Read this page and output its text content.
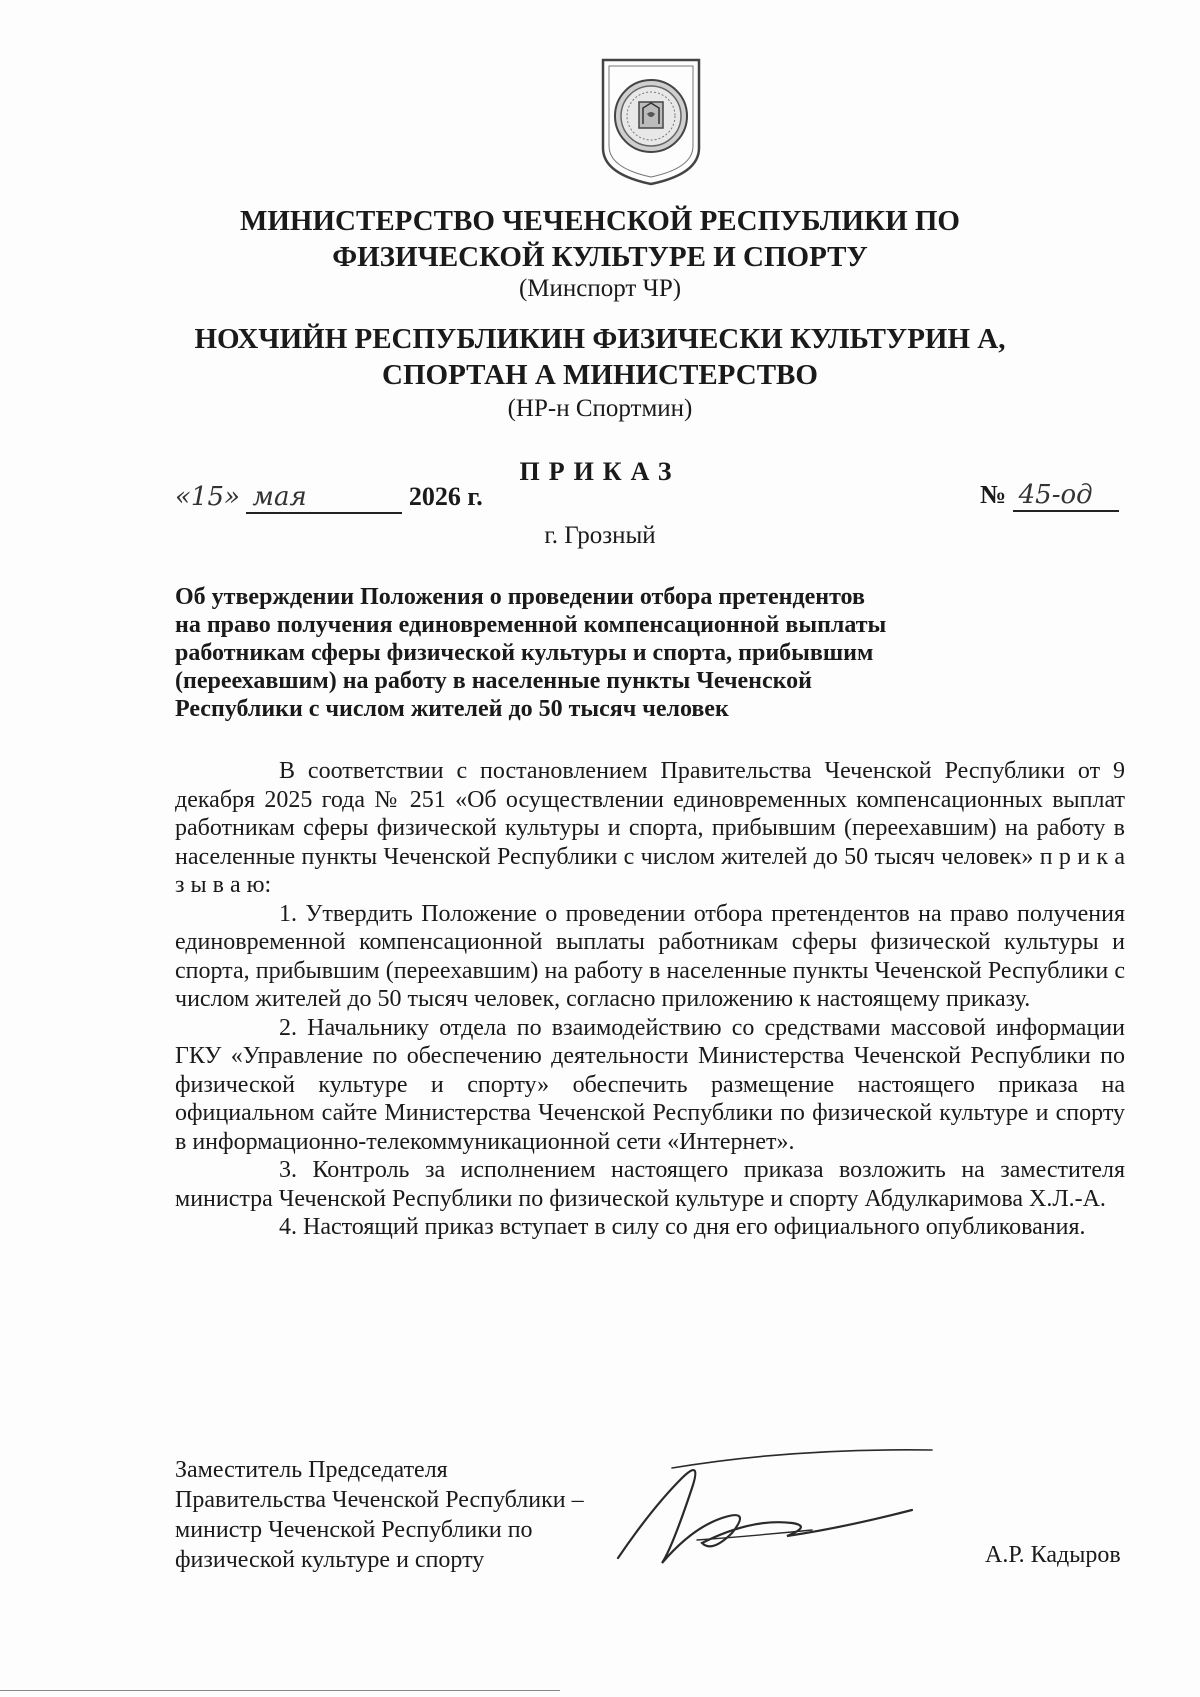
МИНИСТЕРСТВО ЧЕЧЕНСКОЙ РЕСПУБЛИКИ ПО
ФИЗИЧЕСКОЙ КУЛЬТУРЕ И СПОРТУ
(Минспорт ЧР)
НОХЧИЙН РЕСПУБЛИКИН ФИЗИЧЕСКИ КУЛЬТУРИН А,
СПОРТАН А МИНИСТЕРСТВО
(НР-н Спортмин)
ПРИКАЗ
«15» мая	2026 г.	№ 45-од
г. Грозный
Об утверждении Положения о проведении отбора претендентов
на право получения единовременной компенсационной выплаты
работникам сферы физической культуры и спорта, прибывшим
(переехавшим) на работу в населенные пункты Чеченской
Республики с числом жителей до 50 тысяч человек

В соответствии с постановлением Правительства Чеченской Республики от 9 декабря 2025 года № 251 «Об осуществлении единовременных компенсационных выплат работникам сферы физической культуры и спорта, прибывшим (переехавшим) на работу в населенные пункты Чеченской Республики с числом жителей до 50 тысяч человек» п р и к а з ы в а ю:

1. Утвердить Положение о проведении отбора претендентов на право получения единовременной компенсационной выплаты работникам сферы физической культуры и спорта, прибывшим (переехавшим) на работу в населенные пункты Чеченской Республики с числом жителей до 50 тысяч человек, согласно приложению к настоящему приказу.

2. Начальнику отдела по взаимодействию со средствами массовой информации ГКУ «Управление по обеспечению деятельности Министерства Чеченской Республики по физической культуре и спорту» обеспечить размещение настоящего приказа на официальном сайте Министерства Чеченской Республики по физической культуре и спорту в информационно-телекоммуникационной сети «Интернет».

3. Контроль за исполнением настоящего приказа возложить на заместителя министра Чеченской Республики по физической культуре и спорту Абдулкаримова Х.Л.-А.

4. Настоящий приказ вступает в силу со дня его официального опубликования.

Заместитель Председателя
Правительства Чеченской Республики –
министр Чеченской Республики по
физической культуре и спорту	А.Р. Кадыров
